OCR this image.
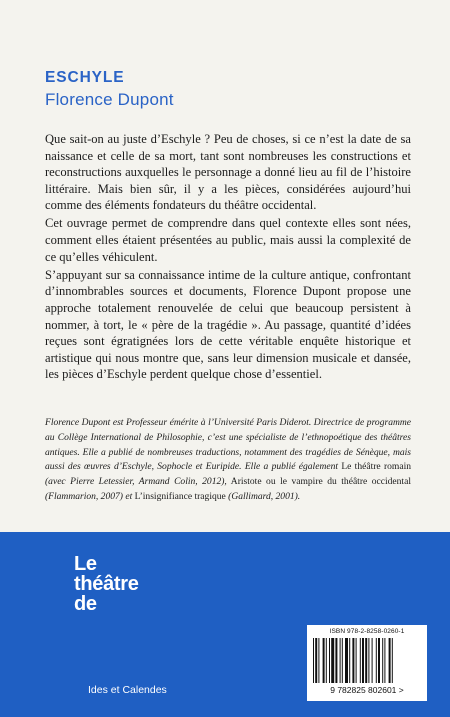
ESCHYLE
Florence Dupont

Que sait-on au juste d’Eschyle ? Peu de choses, si ce n’est la date de sa naissance et celle de sa mort, tant sont nombreuses les constructions et reconstructions auxquelles le personnage a donné lieu au fil de l’histoire littéraire. Mais bien sûr, il y a les pièces, considérées aujourd’hui comme des éléments fondateurs du théâtre occidental.

Cet ouvrage permet de comprendre dans quel contexte elles sont nées, comment elles étaient présentées au public, mais aussi la complexité de ce qu’elles véhiculent.

S’appuyant sur sa connaissance intime de la culture antique, confrontant d’innombrables sources et documents, Florence Dupont propose une approche totalement renouvelée de celui que beaucoup persistent à nommer, à tort, le « père de la tragédie ». Au passage, quantité d’idées reçues sont égratignées lors de cette véritable enquête historique et artistique qui nous montre que, sans leur dimension musicale et dansée, les pièces d’Eschyle perdent quelque chose d’essentiel.

Florence Dupont est Professeur émérite à l’Université Paris Diderot. Directrice de programme au Collège International de Philosophie, c’est une spécialiste de l’ethnopoétique des théâtres antiques. Elle a publié de nombreuses traductions, notamment des tragédies de Sénèque, mais aussi des œuvres d’Eschyle, Sophocle et Euripide. Elle a publié également Le théâtre romain (avec Pierre Letessier, Armand Colin, 2012), Aristote ou le vampire du théâtre occidental (Flammarion, 2007) et L’insignifiance tragique (Gallimard, 2001).
Le
théâtre
de
Ides et Calendes
ISBN 978-2-8258-0260-1
9 782825 802601 >
